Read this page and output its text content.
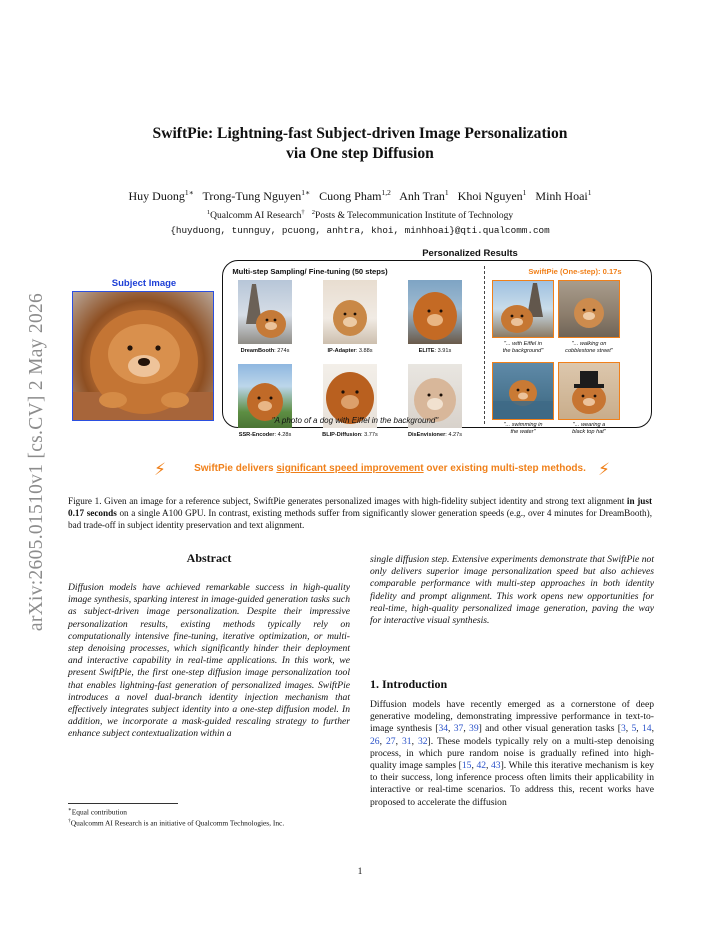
arXiv:2605.01510v1 [cs.CV] 2 May 2026
SwiftPie: Lightning-fast Subject-driven Image Personalization
via One step Diffusion
Huy Duong$^{1∗}$ Trong-Tung Nguyen$^{1∗}$ Cuong Pham$^{1,2}$ Anh Tran$^1$ Khoi Nguyen$^1$ Minh Hoai$^1$
$^1$Qualcomm AI Research† $^2$Posts & Telecommunication Institute of Technology
{huyduong, tunnguy, pcuong, anhtra, khoi, minhhoai}@qti.qualcomm.com
Personalized Results
Subject Image
Multi-step Sampling/ Fine-tuning (50 steps)	SwiftPie (One-step): 0.17s
DreamBooth: 274s	IP-Adapter: 3.88s	ELITE: 3.91s
SSR-Encoder: 4.28s	BLIP-Diffusion: 3.77s	DisEnvisioner: 4.27s
"... with Eiffel in
the background"
"... walking on
cobblestone street"
"... swimming in
the water"
"... wearing a
black top hat"
"A photo of a dog with Eiffel in the background"
⚡	SwiftPie delivers significant speed improvement over existing multi-step methods. ⚡
Figure 1. Given an image for a reference subject, SwiftPie generates personalized images with high-fidelity subject identity and strong text alignment in just 0.17 seconds on a single A100 GPU. In contrast, existing methods suffer from significantly slower generation speeds (e.g., over 4 minutes for DreamBooth), bad trade-off in subject identity preservation and text alignment.
Abstract
Diffusion models have achieved remarkable success in high-quality image synthesis, sparking interest in image-guided generation tasks such as subject-driven image personalization. Despite their impressive personalization results, existing methods typically rely on computationally intensive fine-tuning, iterative optimization, or multi-step denoising processes, which significantly hinder their deployment and interactive capability in real-time applications. In this work, we present SwiftPie, the first one-step diffusion image personalization tool that enables lightning-fast generation of personalized images. SwiftPie introduces a novel dual-branch identity injection mechanism that effectively integrates subject identity into a one-step diffusion model. In addition, we incorporate a mask-guided rescaling strategy to further enhance subject contextualization within a
single diffusion step. Extensive experiments demonstrate that SwiftPie not only delivers superior image personalization speed but also achieves comparable performance with multi-step approaches in both identity fidelity and prompt alignment. This work opens new opportunities for real-time, high-quality personalized image generation, paving the way for interactive visual synthesis.
1. Introduction
Diffusion models have recently emerged as a cornerstone of deep generative modeling, demonstrating impressive performance in text-to-image synthesis [34, 37, 39] and other visual generation tasks [3, 5, 14, 26, 27, 31, 32]. These models typically rely on a multi-step denoising process, in which pure random noise is gradually refined into high-quality image samples [15, 42, 43]. While this iterative mechanism is key to their success, long inference process often limits their applicability in interactive or real-time scenarios. To address this, recent works have proposed to accelerate the diffusion
∗Equal contribution
†Qualcomm AI Research is an initiative of Qualcomm Technologies, Inc.
1
